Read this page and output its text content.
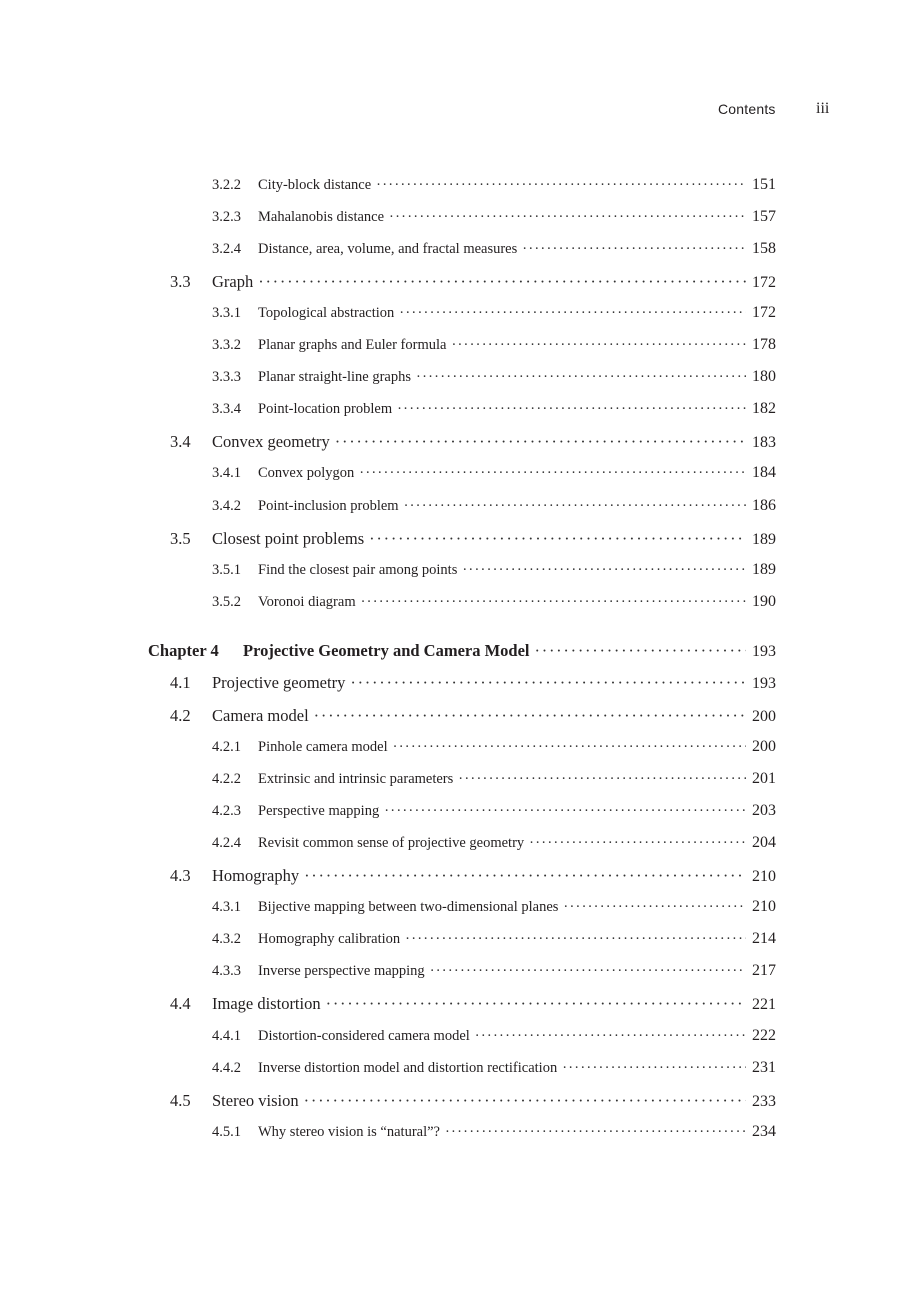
Contents	iii
3.2.2	City-block distance · · ·	151
3.2.3	Mahalanobis distance · · ·	157
3.2.4	Distance, area, volume, and fractal measures · · ·	158
3.3	Graph · · ·	172
3.3.1	Topological abstraction · · ·	172
3.3.2	Planar graphs and Euler formula · · ·	178
3.3.3	Planar straight-line graphs · · ·	180
3.3.4	Point-location problem · · ·	182
3.4	Convex geometry · · ·	183
3.4.1	Convex polygon · · ·	184
3.4.2	Point-inclusion problem · · ·	186
3.5	Closest point problems · · ·	189
3.5.1	Find the closest pair among points · · ·	189
3.5.2	Voronoi diagram · · ·	190
Chapter 4	Projective Geometry and Camera Model · · ·	193
4.1	Projective geometry · · ·	193
4.2	Camera model · · ·	200
4.2.1	Pinhole camera model · · ·	200
4.2.2	Extrinsic and intrinsic parameters · · ·	201
4.2.3	Perspective mapping · · ·	203
4.2.4	Revisit common sense of projective geometry · · ·	204
4.3	Homography · · ·	210
4.3.1	Bijective mapping between two-dimensional planes · · ·	210
4.3.2	Homography calibration · · ·	214
4.3.3	Inverse perspective mapping · · ·	217
4.4	Image distortion · · ·	221
4.4.1	Distortion-considered camera model · · ·	222
4.4.2	Inverse distortion model and distortion rectification · · ·	231
4.5	Stereo vision · · ·	233
4.5.1	Why stereo vision is “natural”? · · ·	234
